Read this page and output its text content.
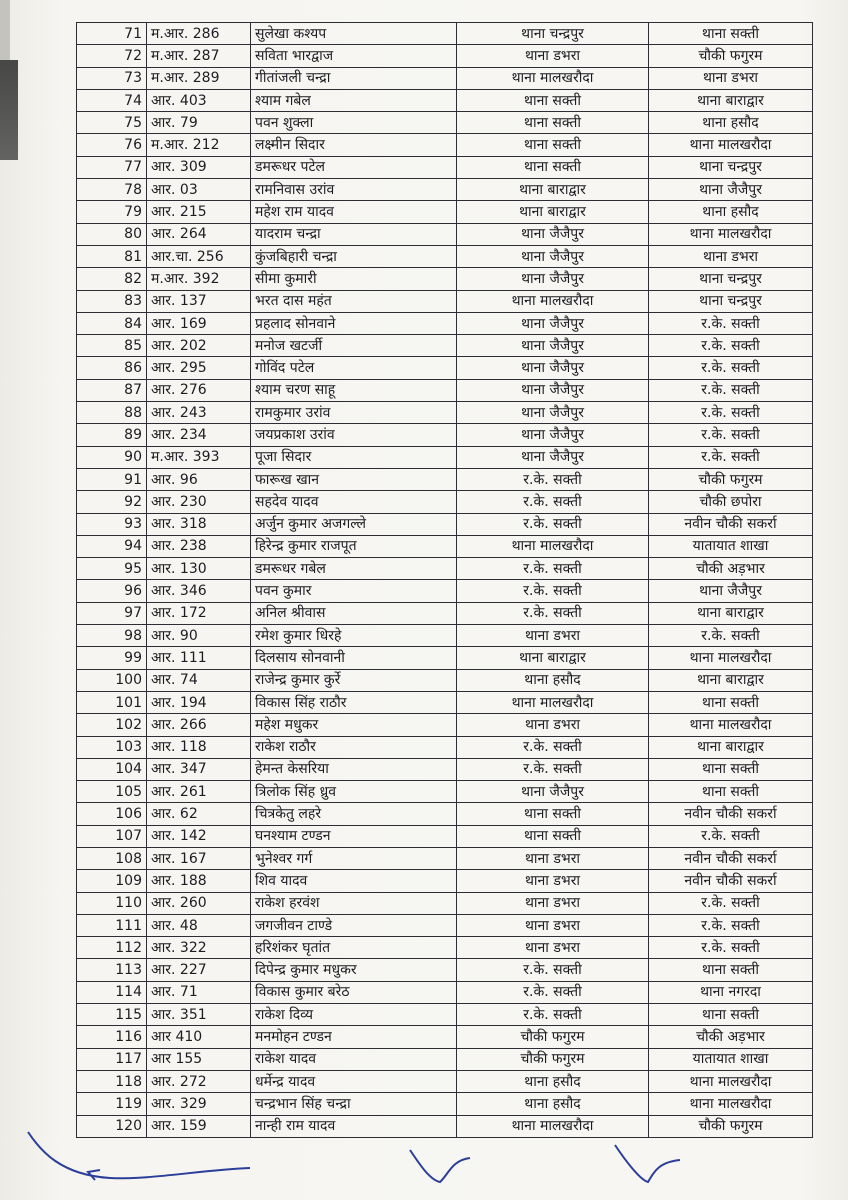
71	म.आर. 286	सुलेखा कश्यप	थाना चन्द्रपुर	थाना सक्ती
72	म.आर. 287	सविता भारद्वाज	थाना डभरा	चौकी फगुरम
73	म.आर. 289	गीतांजली चन्द्रा	थाना मालखरौदा	थाना डभरा
74	आर. 403	श्याम गबेल	थाना सक्ती	थाना बाराद्वार
75	आर. 79	पवन शुक्ला	थाना सक्ती	थाना हसौद
76	म.आर. 212	लक्ष्मीन सिदार	थाना सक्ती	थाना मालखरौदा
77	आर. 309	डमरूधर पटेल	थाना सक्ती	थाना चन्द्रपुर
78	आर. 03	रामनिवास उरांव	थाना बाराद्वार	थाना जैजैपुर
79	आर. 215	महेश राम यादव	थाना बाराद्वार	थाना हसौद
80	आर. 264	यादराम चन्द्रा	थाना जैजैपुर	थाना मालखरौदा
81	आर.चा. 256	कुंजबिहारी चन्द्रा	थाना जैजैपुर	थाना डभरा
82	म.आर. 392	सीमा कुमारी	थाना जैजैपुर	थाना चन्द्रपुर
83	आर. 137	भरत दास महंत	थाना मालखरौदा	थाना चन्द्रपुर
84	आर. 169	प्रहलाद सोनवाने	थाना जैजैपुर	र.के. सक्ती
85	आर. 202	मनोज खटर्जी	थाना जैजैपुर	र.के. सक्ती
86	आर. 295	गोविंद पटेल	थाना जैजैपुर	र.के. सक्ती
87	आर. 276	श्याम चरण साहू	थाना जैजैपुर	र.के. सक्ती
88	आर. 243	रामकुमार उरांव	थाना जैजैपुर	र.के. सक्ती
89	आर. 234	जयप्रकाश उरांव	थाना जैजैपुर	र.के. सक्ती
90	म.आर. 393	पूजा सिदार	थाना जैजैपुर	र.के. सक्ती
91	आर. 96	फारूख खान	र.के. सक्ती	चौकी फगुरम
92	आर. 230	सहदेव यादव	र.के. सक्ती	चौकी छपोरा
93	आर. 318	अर्जुन कुमार अजगल्ले	र.के. सक्ती	नवीन चौकी सकर्रा
94	आर. 238	हिरेन्द्र कुमार राजपूत	थाना मालखरौदा	यातायात शाखा
95	आर. 130	डमरूधर गबेल	र.के. सक्ती	चौकी अड़भार
96	आर. 346	पवन कुमार	र.के. सक्ती	थाना जैजैपुर
97	आर. 172	अनिल श्रीवास	र.के. सक्ती	थाना बाराद्वार
98	आर. 90	रमेश कुमार धिरहे	थाना डभरा	र.के. सक्ती
99	आर. 111	दिलसाय सोनवानी	थाना बाराद्वार	थाना मालखरौदा
100	आर. 74	राजेन्द्र कुमार कुर्रे	थाना हसौद	थाना बाराद्वार
101	आर. 194	विकास सिंह राठौर	थाना मालखरौदा	थाना सक्ती
102	आर. 266	महेश मधुकर	थाना डभरा	थाना मालखरौदा
103	आर. 118	राकेश राठौर	र.के. सक्ती	थाना बाराद्वार
104	आर. 347	हेमन्त केसरिया	र.के. सक्ती	थाना सक्ती
105	आर. 261	त्रिलोक सिंह ध्रुव	थाना जैजैपुर	थाना सक्ती
106	आर. 62	चित्रकेतु लहरे	थाना सक्ती	नवीन चौकी सकर्रा
107	आर. 142	घनश्याम टण्डन	थाना सक्ती	र.के. सक्ती
108	आर. 167	भुनेश्वर गर्ग	थाना डभरा	नवीन चौकी सकर्रा
109	आर. 188	शिव यादव	थाना डभरा	नवीन चौकी सकर्रा
110	आर. 260	राकेश हरवंश	थाना डभरा	र.के. सक्ती
111	आर. 48	जगजीवन टाण्डे	थाना डभरा	र.के. सक्ती
112	आर. 322	हरिशंकर घृतांत	थाना डभरा	र.के. सक्ती
113	आर. 227	दिपेन्द्र कुमार मधुकर	र.के. सक्ती	थाना सक्ती
114	आर. 71	विकास कुमार बरेठ	र.के. सक्ती	थाना नगरदा
115	आर. 351	राकेश दिव्य	र.के. सक्ती	थाना सक्ती
116	आर 410	मनमोहन टण्डन	चौकी फगुरम	चौकी अड़भार
117	आर 155	राकेश यादव	चौकी फगुरम	यातायात शाखा
118	आर. 272	धर्मेन्द्र यादव	थाना हसौद	थाना मालखरौदा
119	आर. 329	चन्द्रभान सिंह चन्द्रा	थाना हसौद	थाना मालखरौदा
120	आर. 159	नान्ही राम यादव	थाना मालखरौदा	चौकी फगुरम
